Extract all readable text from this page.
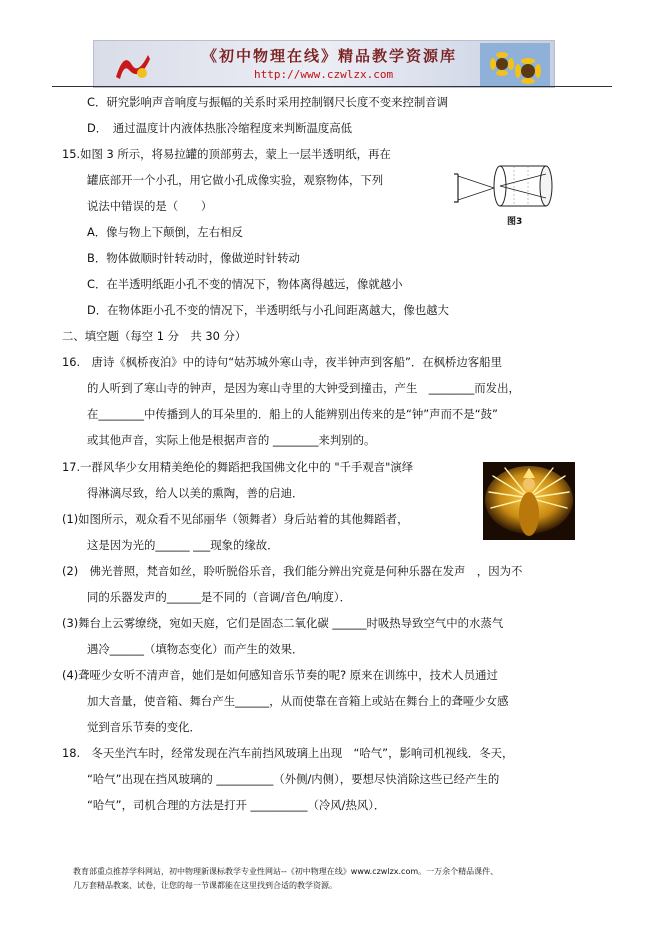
《初中物理在线》精品教学资源库
http://www.czwlzx.com
C．研究影响声音响度与振幅的关系时采用控制钢尺长度不变来控制音调
D．　通过温度计内液体热胀冷缩程度来判断温度高低
15.如图 3 所示，将易拉罐的顶部剪去，蒙上一层半透明纸，再在
罐底部开一个小孔，用它做小孔成像实验，观察物体，下列
说法中错误的是（　　）
A．像与物上下颠倒，左右相反
B．物体做顺时针转动时，像做逆时针转动
C．在半透明纸距小孔不变的情况下，物体离得越远，像就越小
D．在物体距小孔不变的情况下，半透明纸与小孔间距离越大，像也越大
二、填空题（每空 1 分　共 30 分）
16.　唐诗《枫桥夜泊》中的诗句“姑苏城外寒山寺，夜半钟声到客船”．在枫桥边客船里
的人听到了寒山寺的钟声，是因为寒山寺里的大钟受到撞击，产生　________而发出，
在________中传播到人的耳朵里的．船上的人能辨别出传来的是“钟”声而不是“鼓”
或其他声音，实际上他是根据声音的 ________来判别的。
17.一群风华少女用精美绝伦的舞蹈把我国佛文化中的 "千手观音"演绎
得淋漓尽致，给人以美的熏陶，善的启迪．
(1)如图所示，观众看不见邰丽华（领舞者）身后站着的其他舞蹈者，
这是因为光的______ ___现象的缘故．
(2)　佛光普照，梵音如丝，聆听脱俗乐音，我们能分辨出究竟是何种乐器在发声　，因为不
同的乐器发声的______是不同的（音调/音色/响度）．
(3)舞台上云雾缭绕，宛如天庭，它们是固态二氧化碳 ______时吸热导致空气中的水蒸气
遇冷______（填物态变化）而产生的效果．
(4)聋哑少女听不清声音，她们是如何感知音乐节奏的呢? 原来在训练中，技术人员通过
加大音量，使音箱、舞台产生______，从而使靠在音箱上或站在舞台上的聋哑少女感
觉到音乐节奏的变化．
18.　冬天坐汽车时，经常发现在汽车前挡风玻璃上出现　“哈气”，影响司机视线．冬天，
“哈气”出现在挡风玻璃的 __________（外侧/内侧），要想尽快消除这些已经产生的
“哈气”，司机合理的方法是打开 __________（冷风/热风）．
图3
教育部重点推荐学科网站，初中物理新课标教学专业性网站--《初中物理在线》www.czwlzx.com。一万余个精品课件、
几万套精品教案、试卷，让您的每一节课都能在这里找到合适的教学资源。
